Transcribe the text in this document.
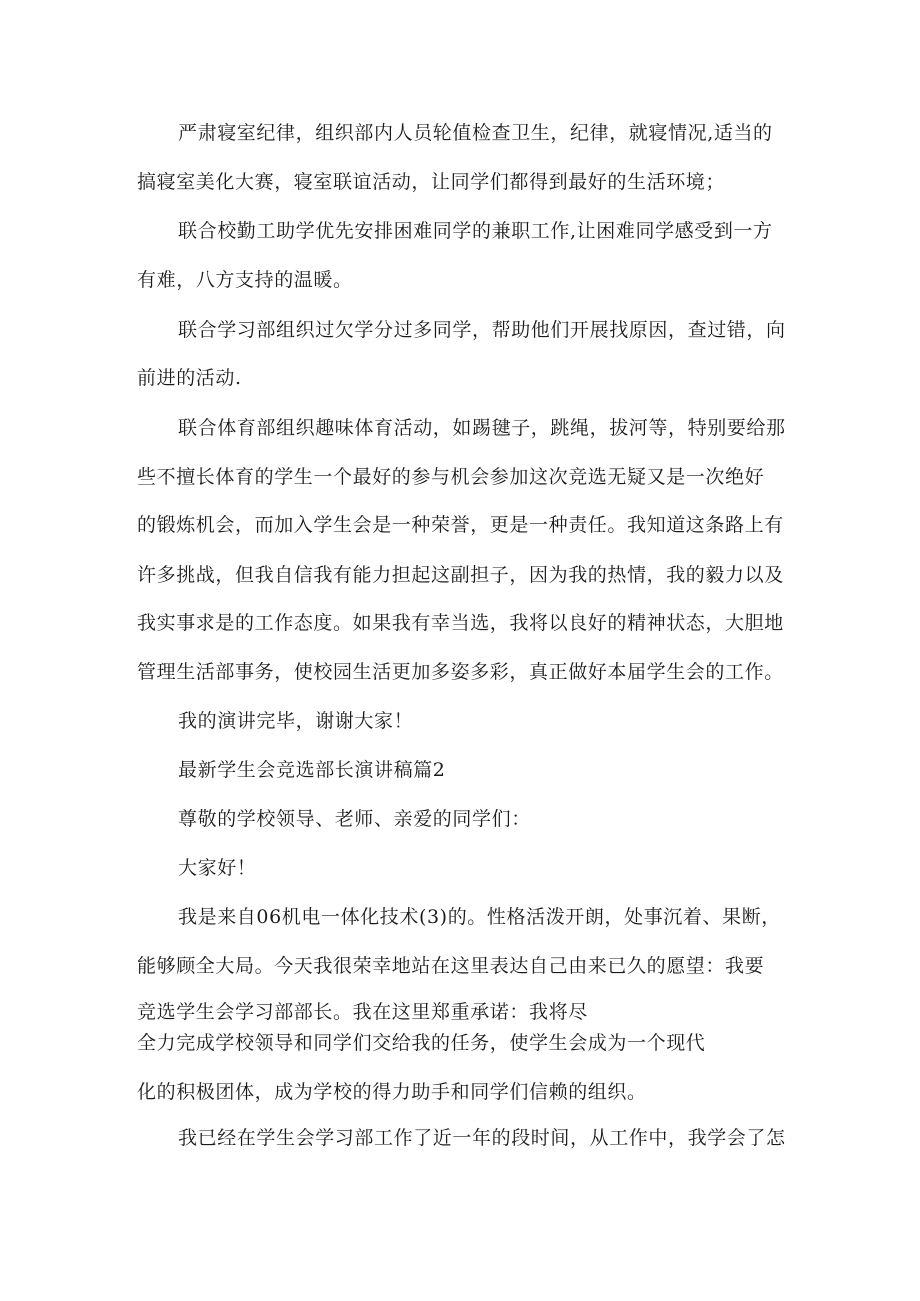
严肃寝室纪律，组织部内人员轮值检查卫生，纪律，就寝情况,适当的
搞寝室美化大赛，寝室联谊活动，让同学们都得到最好的生活环境；
联合校勤工助学优先安排困难同学的兼职工作,让困难同学感受到一方
有难，八方支持的温暖。
联合学习部组织过欠学分过多同学，帮助他们开展找原因，查过错，向
前进的活动.
联合体育部组织趣味体育活动，如踢毽子，跳绳，拔河等，特别要给那
些不擅长体育的学生一个最好的参与机会参加这次竞选无疑又是一次绝好
的锻炼机会，而加入学生会是一种荣誉，更是一种责任。我知道这条路上有
许多挑战，但我自信我有能力担起这副担子，因为我的热情，我的毅力以及
我实事求是的工作态度。如果我有幸当选，我将以良好的精神状态，大胆地
管理生活部事务，使校园生活更加多姿多彩，真正做好本届学生会的工作。
我的演讲完毕，谢谢大家！
最新学生会竞选部长演讲稿篇2
尊敬的学校领导、老师、亲爱的同学们：
大家好！
我是来自06机电一体化技术(3)的。性格活泼开朗，处事沉着、果断，
能够顾全大局。今天我很荣幸地站在这里表达自己由来已久的愿望：我要
竞选学生会学习部部长。我在这里郑重承诺：我将尽
全力完成学校领导和同学们交给我的任务，使学生会成为一个现代
化的积极团体，成为学校的得力助手和同学们信赖的组织。
我已经在学生会学习部工作了近一年的段时间，从工作中，我学会了怎
